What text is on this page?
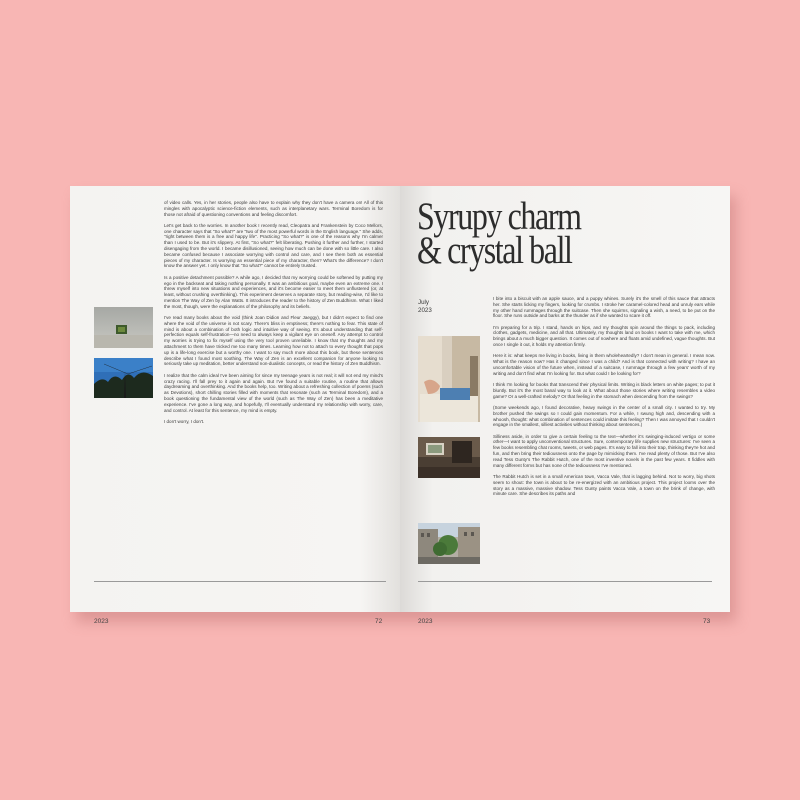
of video calls. Yes, in her stories, people also have to explain why they don't have a camera on! All of this mingles with apocalyptic science-fiction elements, such as interplanetary wars. Terminal Boredom is for those not afraid of questioning conventions and feeling discomfort.

Let's get back to the worries. In another book I recently read, Cleopatra and Frankenstein by Coco Mellors, one character says that "So what?" are "two of the most powerful words in the English language." She adds, "right between them is a free and happy life". Practicing "So what?" is one of the reasons why I'm calmer than I used to be. But it's slippery. At first, "So what?" felt liberating. Pushing it further and further, I started disengaging from the world. I became disillusioned, seeing how much can be done with so little care. I also became confused because I associate worrying with control and care, and I see them both as essential pieces of my character. Is worrying an essential piece of my character, then? What's the difference? I don't know the answer yet. I only know that "So what?" cannot be entirely trusted.

Is a positive detachment possible? A while ago, I decided that my worrying could be softened by putting my ego in the backseat and taking nothing personally. It was an ambitious goal, maybe even an extreme one. I threw myself into new situations and experiences, and it's become easier to meet them unflustered (or, at least, without crushing overthinking). This experiment deserves a separate story, but reading-wise, I'd like to mention The Way of Zen by Alan Watts. It introduces the reader to the history of Zen Buddhism. What I liked the most, though, were the explanations of the philosophy and its beliefs.

I've read many books about the void (think Joan Didion and Fleur Jaeggy), but I didn't expect to find one where the void of the universe is not scary. There's bliss in emptiness; there's nothing to fear. This state of mind is about a combination of both logic and intuitive way of seeing. It's about understanding that self-perfection equals self-frustration—no need to always keep a vigilant eye on oneself. Any attempt to control my worries is trying to fix myself using the very tool proven unreliable. I know that my thoughts and my attachment to them have tricked me too many times. Learning how not to attach to every thought that pops up is a life-long exercise but a worthy one. I want to say much more about this book, but these sentences describe what I found most soothing. The Way of Zen is an excellent companion for anyone looking to seriously take up meditation, better understand non-dualistic concepts, or read the history of Zen Buddhism.

I realize that the calm ideal I've been aiming for since my teenage years is not real; it will not end my mind's crazy racing. I'll fall prey to it again and again. But I've found a suitable routine, a routine that allows daydreaming and overthinking. And the books help, too. Writing about a refreshing collection of poems (such as Devotions), short chilling stories filled with moments that resonate (such as Terminal Boredom), and a book questioning the fundamental view of the world (such as The Way of Zen) has been a meditative experience. I've gone a long way, and hopefully, I'll eventually understand my relationship with worry, care, and control. At least for this sentence, my mind is empty.

I don't worry, I don't.

2023	72
Syrupy charm
& crystal ball
July
2023

I bite into a biscuit with an apple sauce, and a puppy whines. Surely it's the smell of this sauce that attracts her. She starts licking my fingers, looking for crumbs. I stroke her caramel-colored head and unruly ears while my other hand rummages through the suitcase. Then she squirms, signaling a wish, a need, to be put on the floor. She runs outside and barks at the thunder as if she wanted to scare it off.

I'm preparing for a trip. I stand, hands on hips, and my thoughts spin around the things to pack, including clothes, gadgets, medicine, and all that. Ultimately, my thoughts land on books I want to take with me, which brings about a much bigger question. It comes out of nowhere and floats amid undefined, vague thoughts. But once I single it out, it holds my attention firmly.

Here it is: what keeps me living in books, living in them wholeheartedly? I don't mean in general. I mean now. What is the reason now? Has it changed since I was a child? And is that connected with writing? I have an uncomfortable vision of the future when, instead of a suitcase, I rummage through a few years' worth of my writing and don't find what I'm looking for. But what could I be looking for?

I think I'm looking for books that transcend their physical limits. Writing is black letters on white pages; to put it bluntly. But it's the most banal way to look at it. What about those stories where writing resembles a video game? Or a well-crafted melody? Or that feeling in the stomach when descending from the swings?

(Some weekends ago, I found decorative, heavy swings in the center of a small city. I wanted to try. My brother pushed the swings so I could gain momentum. For a while, I swung high and, descending with a whoosh, thought: what combination of sentences could imitate this feeling? Then I was annoyed that I couldn't engage in the smallest, silliest activities without thinking about sentences.)

Silliness aside, in order to give a certain feeling to the text—whether it's swinging-induced vertigo or some other—I want to apply unconventional structures. Sure, contemporary life supplies new structures: I've seen a few books resembling chat rooms, tweets, or web pages. It's easy to fall into their trap, thinking they're hot and fun, and then bring their tediousness onto the page by mimicking them. I've read plenty of those. But I've also read Tess Gunty's The Rabbit Hutch, one of the most inventive novels in the past few years. It fiddles with many different forms but has none of the tediousness I've mentioned.

The Rabbit Hutch is set in a small American town, Vacca Vale, that is lagging behind. Not to worry, big shots seem to shout: the town is about to be re-energized with an ambitious project. This project looms over the story as a massive, massive shadow. Tess Gunty paints Vacca Vale, a town on the brink of change, with minute care. She describes its paths and

2023	73
